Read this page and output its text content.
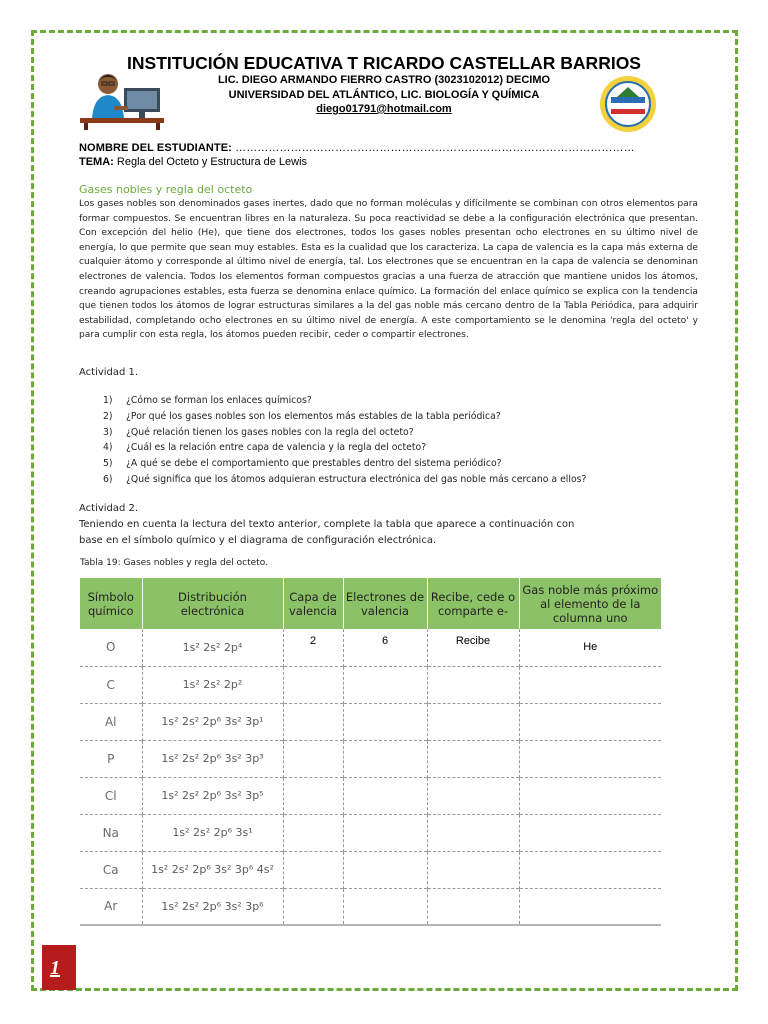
INSTITUCIÓN EDUCATIVA T RICARDO CASTELLAR BARRIOS
LIC. DIEGO ARMANDO FIERRO CASTRO (3023102012) DECIMO
UNIVERSIDAD DEL ATLÁNTICO, LIC. BIOLOGÍA Y QUÍMICA
diego01791@hotmail.com
NOMBRE DEL ESTUDIANTE: ………………………………………………………………………………………………
TEMA: Regla del Octeto y Estructura de Lewis
Gases nobles y regla del octeto
Los gases nobles son denominados gases inertes, dado que no forman moléculas y difícilmente se combinan con otros elementos para formar compuestos. Se encuentran libres en la naturaleza. Su poca reactividad se debe a la configuración electrónica que presentan. Con excepción del helio (He), que tiene dos electrones, todos los gases nobles presentan ocho electrones en su último nivel de energía, lo que permite que sean muy estables. Esta es la cualidad que los caracteriza. La capa de valencia es la capa más externa de cualquier átomo y corresponde al último nivel de energía, tal. Los electrones que se encuentran en la capa de valencia se denominan electrones de valencia. Todos los elementos forman compuestos gracias a una fuerza de atracción que mantiene unidos los átomos, creando agrupaciones estables, esta fuerza se denomina enlace químico. La formación del enlace químico se explica con la tendencia que tienen todos los átomos de lograr estructuras similares a la del gas noble más cercano dentro de la Tabla Periódica, para adquirir estabilidad, completando ocho electrones en su último nivel de energía. A este comportamiento se le denomina 'regla del octeto' y para cumplir con esta regla, los átomos pueden recibir, ceder o compartir electrones.
Actividad 1.
1) ¿Cómo se forman los enlaces químicos?
2) ¿Por qué los gases nobles son los elementos más estables de la tabla periódica?
3) ¿Qué relación tienen los gases nobles con la regla del octeto?
4) ¿Cuál es la relación entre capa de valencia y la regla del octeto?
5) ¿A qué se debe el comportamiento que prestables dentro del sistema periódico?
6) ¿Qué significa que los átomos adquieran estructura electrónica del gas noble más cercano a ellos?
Actividad 2.
Teniendo en cuenta la lectura del texto anterior, complete la tabla que aparece a continuación con base en el símbolo químico y el diagrama de configuración electrónica.
Tabla 19: Gases nobles y regla del octeto.
Símbolo químico	Distribución electrónica	Capa de valencia	Electrones de valencia	Recibe, cede o comparte e-	Gas noble más próximo al elemento de la columna uno
O	1s² 2s² 2p⁴	2	6	Recibe	He
C	1s² 2s² 2p²				
Al	1s² 2s² 2p⁶ 3s² 3p¹				
P	1s² 2s² 2p⁶ 3s² 3p³				
Cl	1s² 2s² 2p⁶ 3s² 3p⁵				
Na	1s² 2s² 2p⁶ 3s¹				
Ca	1s² 2s² 2p⁶ 3s² 3p⁶ 4s²				
Ar	1s² 2s² 2p⁶ 3s² 3p⁶				
1
